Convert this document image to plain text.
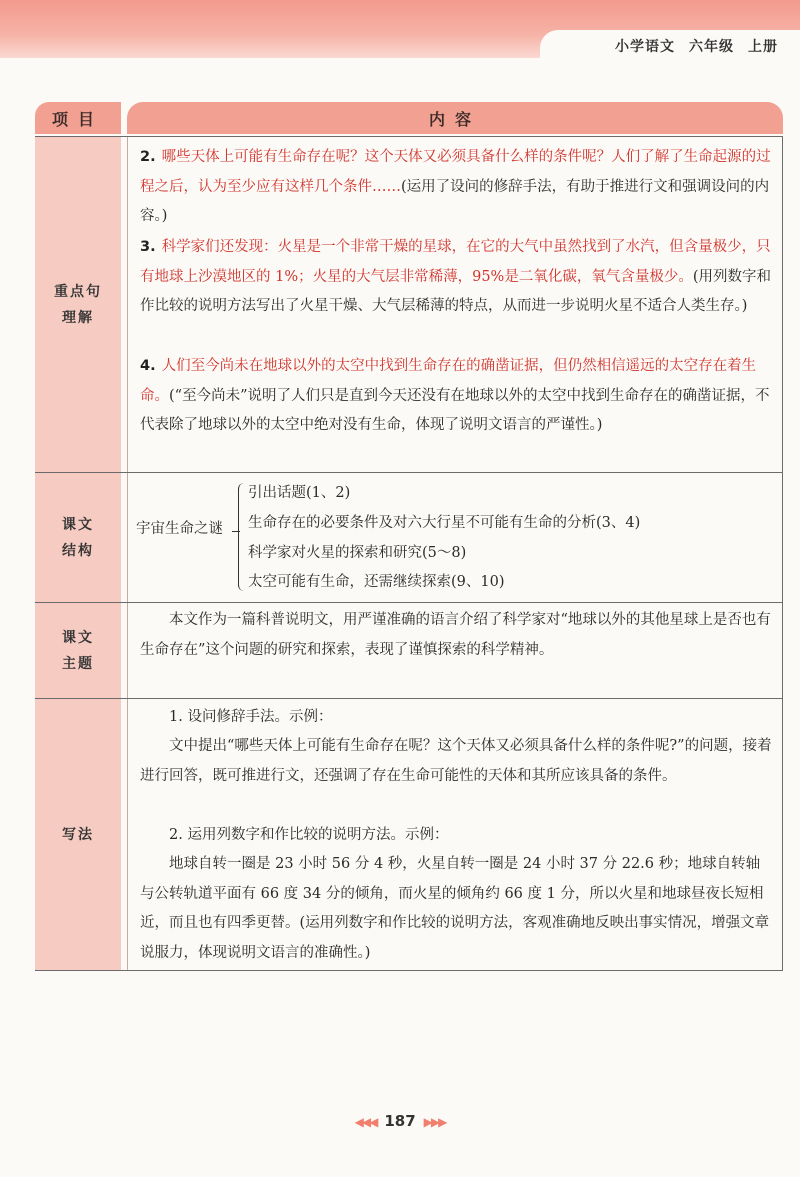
小学语文 六年级 上册
项目	内容
重点句
理解
2. 哪些天体上可能有生命存在呢？这个天体又必须具备什么样的条件呢？人们了解了生命起源的过程之后，认为至少应有这样几个条件……(运用了设问的修辞手法，有助于推进行文和强调设问的内容。)
3. 科学家们还发现：火星是一个非常干燥的星球，在它的大气中虽然找到了水汽，但含量极少，只有地球上沙漠地区的 1%；火星的大气层非常稀薄，95%是二氧化碳，氧气含量极少。(用列数字和作比较的说明方法写出了火星干燥、大气层稀薄的特点，从而进一步说明火星不适合人类生存。)
4. 人们至今尚未在地球以外的太空中找到生命存在的确凿证据，但仍然相信遥远的太空存在着生命。(“至今尚未”说明了人们只是直到今天还没有在地球以外的太空中找到生命存在的确凿证据，不代表除了地球以外的太空中绝对没有生命，体现了说明文语言的严谨性。)
课文
结构
宇宙生命之谜
引出话题(1、2)
生命存在的必要条件及对六大行星不可能有生命的分析(3、4)
科学家对火星的探索和研究(5～8)
太空可能有生命，还需继续探索(9、10)
课文
主题
本文作为一篇科普说明文，用严谨准确的语言介绍了科学家对“地球以外的其他星球上是否也有生命存在”这个问题的研究和探索，表现了谨慎探索的科学精神。
写法
1. 设问修辞手法。示例：
文中提出“哪些天体上可能有生命存在呢？这个天体又必须具备什么样的条件呢?”的问题，接着进行回答，既可推进行文，还强调了存在生命可能性的天体和其所应该具备的条件。
2. 运用列数字和作比较的说明方法。示例：
地球自转一圈是 23 小时 56 分 4 秒，火星自转一圈是 24 小时 37 分 22.6 秒；地球自转轴与公转轨道平面有 66 度 34 分的倾角，而火星的倾角约 66 度 1 分，所以火星和地球昼夜长短相近，而且也有四季更替。(运用列数字和作比较的说明方法，客观准确地反映出事实情况，增强文章说服力，体现说明文语言的准确性。)
◀◀◀ 187 ▶▶▶
